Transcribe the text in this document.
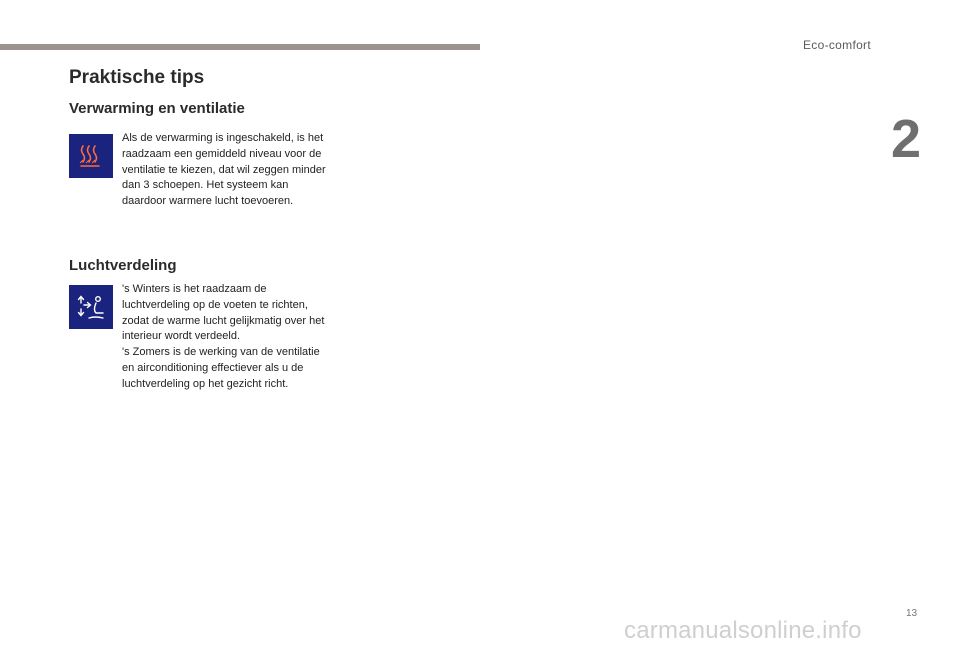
Eco-comfort
2
Praktische tips
Verwarming en ventilatie

Als de verwarming is ingeschakeld, is het raadzaam een gemiddeld niveau voor de ventilatie te kiezen, dat wil zeggen minder dan 3 schoepen. Het systeem kan daardoor warmere lucht toevoeren.

Luchtverdeling

's Winters is het raadzaam de luchtverdeling op de voeten te richten, zodat de warme lucht gelijkmatig over het interieur wordt verdeeld.
's Zomers is de werking van de ventilatie en airconditioning effectiever als u de luchtverdeling op het gezicht richt.

13
carmanualsonline.info
